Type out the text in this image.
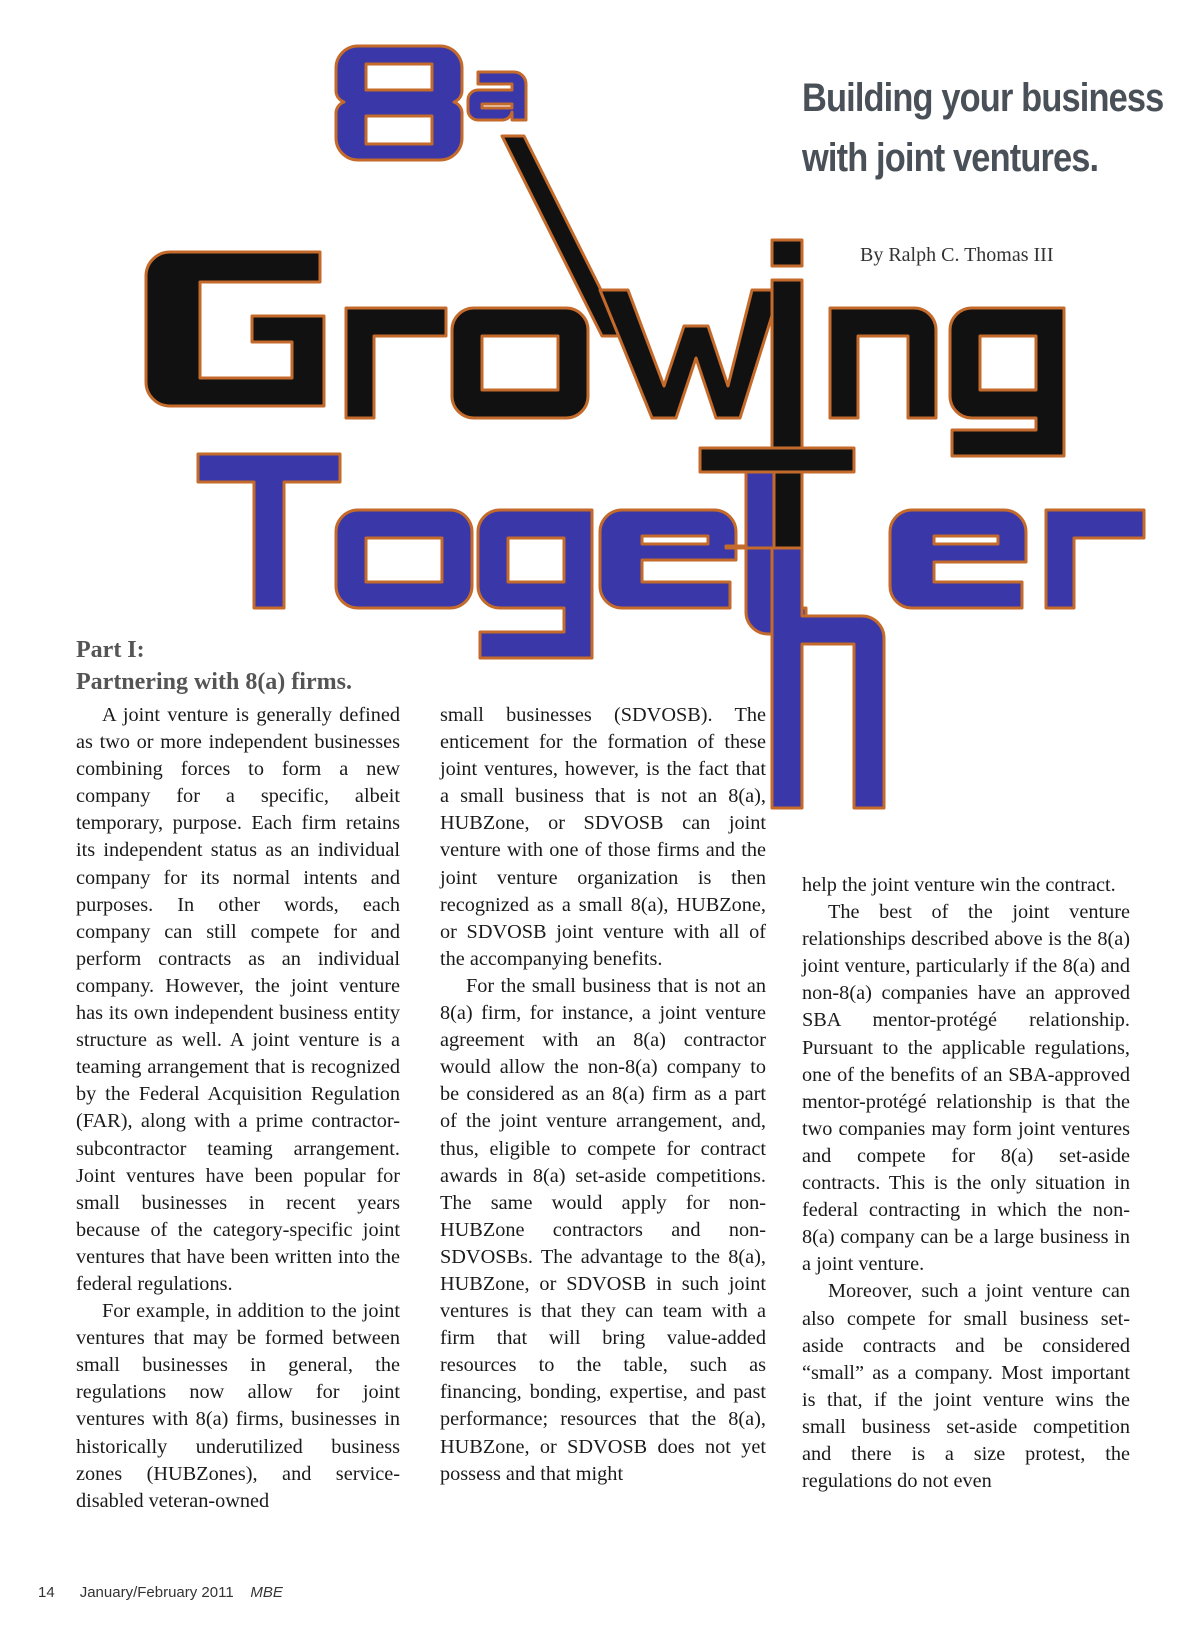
Building your business
with joint ventures.
By Ralph C. Thomas III
Part I:
Partnering with 8(a) firms.

A joint venture is generally defined as two or more independent businesses combining forces to form a new company for a specific, albeit temporary, purpose. Each firm retains its independent status as an individual company for its normal intents and purposes. In other words, each company can still compete for and perform contracts as an individual company. However, the joint venture has its own independent business entity structure as well. A joint venture is a teaming arrangement that is recognized by the Federal Acquisition Regulation (FAR), along with a prime contractor-subcontractor teaming arrangement. Joint ventures have been popular for small businesses in recent years because of the category-specific joint ventures that have been written into the federal regulations.

For example, in addition to the joint ventures that may be formed between small businesses in general, the regulations now allow for joint ventures with 8(a) firms, businesses in historically underutilized business zones (HUBZones), and service-disabled veteran-owned

small businesses (SDVOSB). The enticement for the formation of these joint ventures, however, is the fact that a small business that is not an 8(a), HUBZone, or SDVOSB can joint venture with one of those firms and the joint venture organization is then recognized as a small 8(a), HUBZone, or SDVOSB joint venture with all of the accompanying benefits.

For the small business that is not an 8(a) firm, for instance, a joint venture agreement with an 8(a) contractor would allow the non-8(a) company to be considered as an 8(a) firm as a part of the joint venture arrangement, and, thus, eligible to compete for contract awards in 8(a) set-aside competitions. The same would apply for non-HUBZone contractors and non-SDVOSBs. The advantage to the 8(a), HUBZone, or SDVOSB in such joint ventures is that they can team with a firm that will bring value-added resources to the table, such as financing, bonding, expertise, and past performance; resources that the 8(a), HUBZone, or SDVOSB does not yet possess and that might

help the joint venture win the contract.

The best of the joint venture relationships described above is the 8(a) joint venture, particularly if the 8(a) and non-8(a) companies have an approved SBA mentor-protégé relationship. Pursuant to the applicable regulations, one of the benefits of an SBA-approved mentor-protégé relationship is that the two companies may form joint ventures and compete for 8(a) set-aside contracts. This is the only situation in federal contracting in which the non-8(a) company can be a large business in a joint venture.

Moreover, such a joint venture can also compete for small business set-aside contracts and be considered “small” as a company. Most important is that, if the joint venture wins the small business set-aside competition and there is a size protest, the regulations do not even

14 January/February 2011 MBE
